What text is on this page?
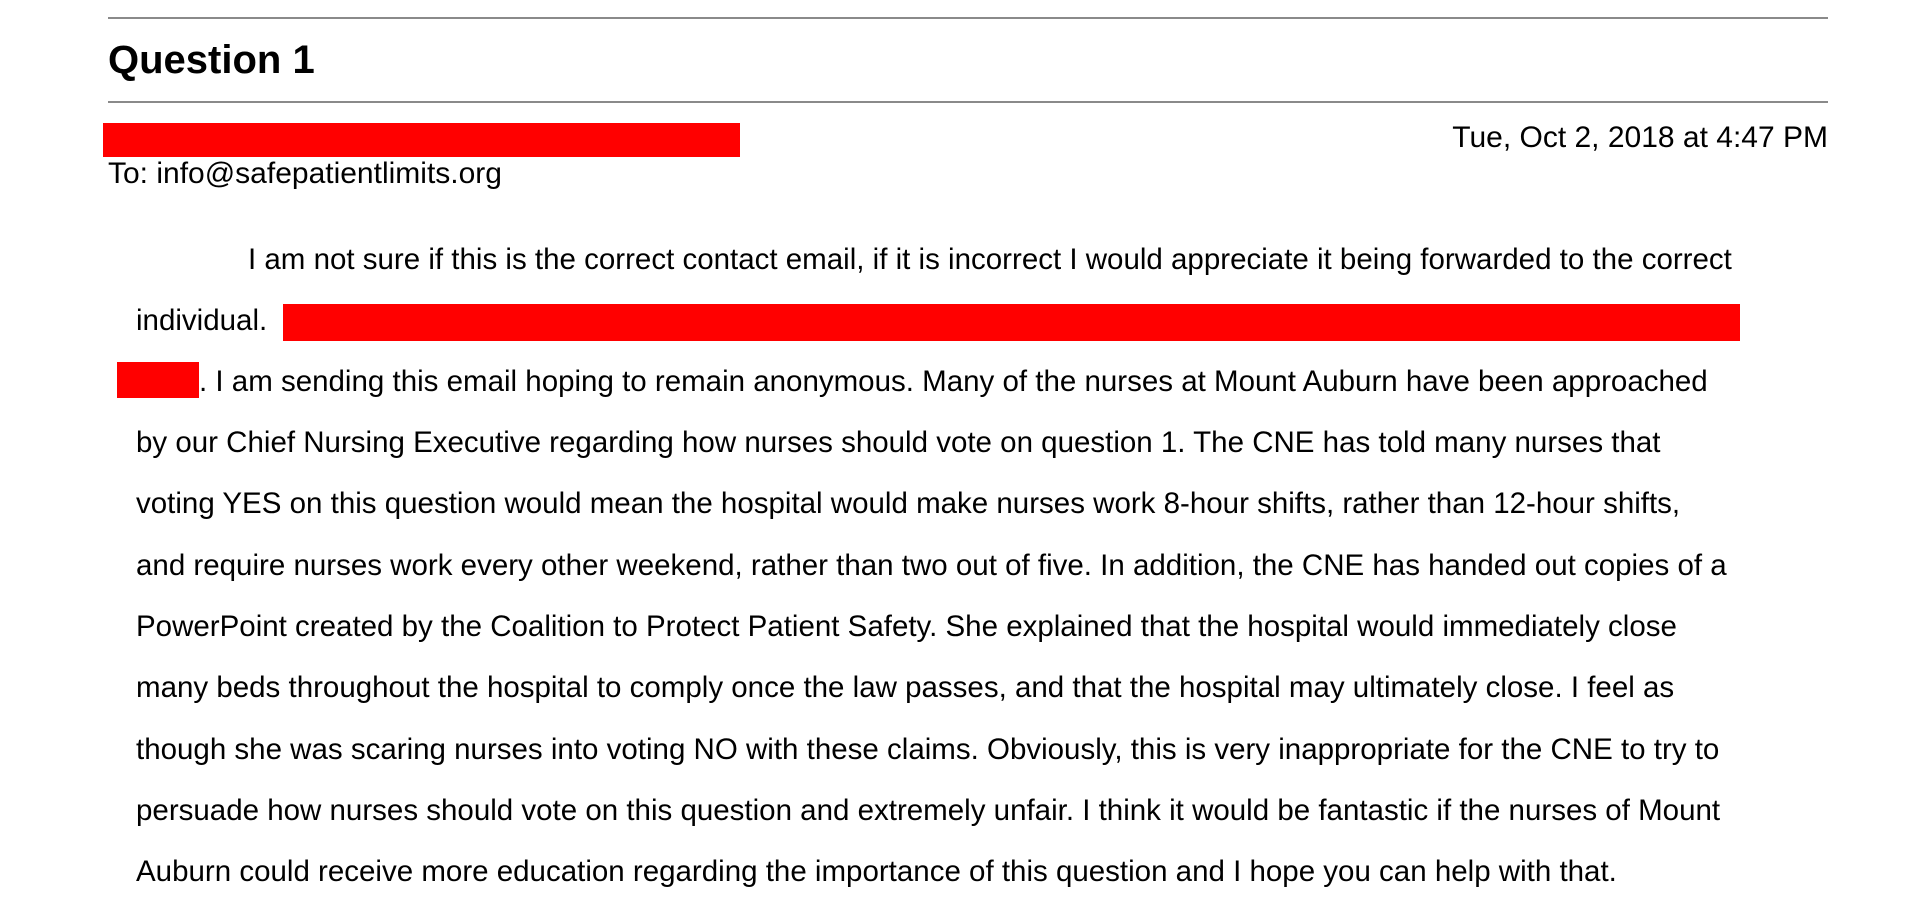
Question 1
Tue, Oct 2, 2018 at 4:47 PM
To: info@safepatientlimits.org
I am not sure if this is the correct contact email, if it is incorrect I would appreciate it being forwarded to the correct
individual.
. I am sending this email hoping to remain anonymous. Many of the nurses at Mount Auburn have been approached
by our Chief Nursing Executive regarding how nurses should vote on question 1. The CNE has told many nurses that
voting YES on this question would mean the hospital would make nurses work 8-hour shifts, rather than 12-hour shifts,
and require nurses work every other weekend, rather than two out of five. In addition, the CNE has handed out copies of a
PowerPoint created by the Coalition to Protect Patient Safety. She explained that the hospital would immediately close
many beds throughout the hospital to comply once the law passes, and that the hospital may ultimately close. I feel as
though she was scaring nurses into voting NO with these claims. Obviously, this is very inappropriate for the CNE to try to
persuade how nurses should vote on this question and extremely unfair. I think it would be fantastic if the nurses of Mount
Auburn could receive more education regarding the importance of this question and I hope you can help with that.
